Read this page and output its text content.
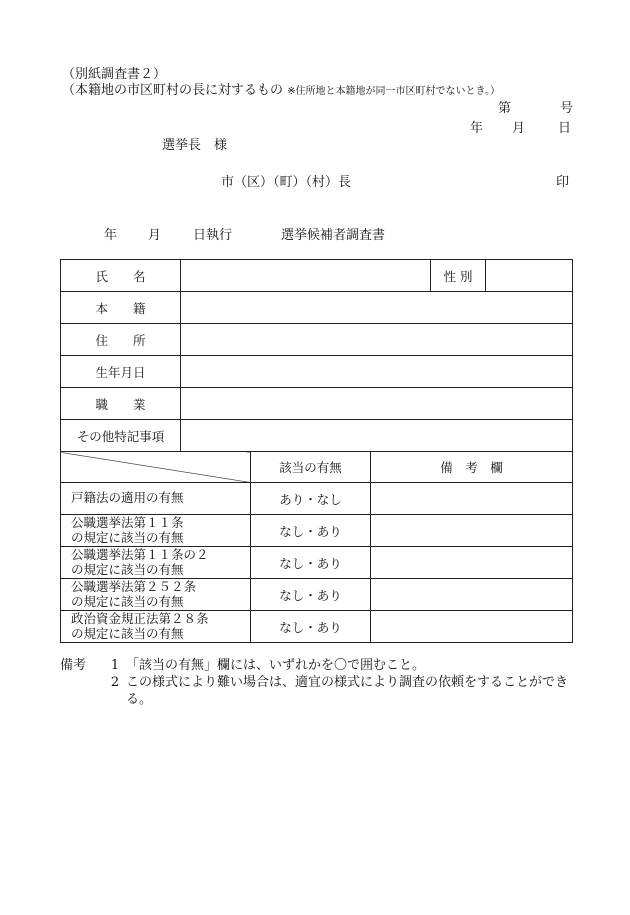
（別紙調査書２）
（本籍地の市区町村の長に対するもの ※住所地と本籍地が同一市区町村でないとき。）
第	号
年 月	日
選挙長　様
市（区）（町）（村）長	印
年 月 日執行	選挙候補者調査書
氏　　名				性 別	
本　　籍					
住　　所					
生年月日					
職　　業					
その他特記事項					
		該当の有無	備　考　欄		

戸籍法の適用の有無		あり・なし			

公職選挙法第１１条
の規定に該当の有無		なし・あり			

公職選挙法第１１条の２
の規定に該当の有無		なし・あり			

公職選挙法第２５２条
の規定に該当の有無		なし・あり			

政治資金規正法第２８条
の規定に該当の有無		なし・あり			
備考	1 「該当の有無」欄には、いずれかを〇で囲むこと。
2 この様式により難い場合は、適宜の様式により調査の依頼をすることができる。
